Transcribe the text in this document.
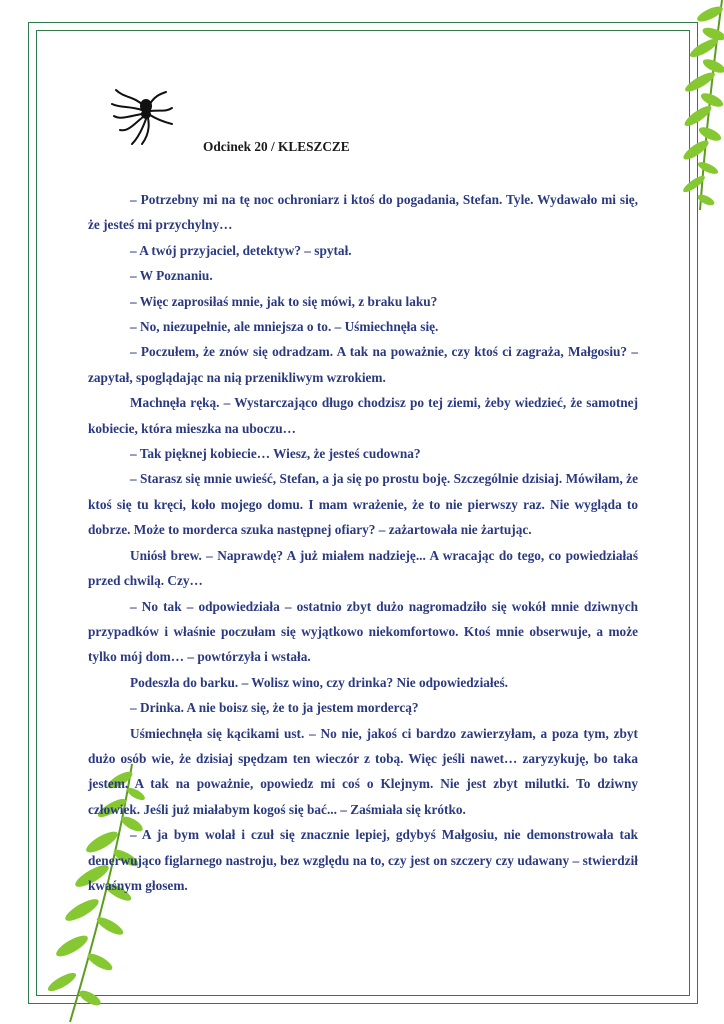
Odcinek 20 / KLESZCZE

– Potrzebny mi na tę noc ochroniarz i ktoś do pogadania, Stefan. Tyle. Wydawało mi się, że jesteś mi przychylny…

– A twój przyjaciel, detektyw? – spytał.

– W Poznaniu.

– Więc zaprosiłaś mnie, jak to się mówi, z braku laku?

– No, niezupełnie, ale mniejsza o to. – Uśmiechnęła się.

– Poczułem, że znów się odradzam. A tak na poważnie, czy ktoś ci zagraża, Małgosiu? – zapytał, spoglądając na nią przenikliwym wzrokiem.

Machnęła ręką. – Wystarczająco długo chodzisz po tej ziemi, żeby wiedzieć, że samotnej kobiecie, która mieszka na uboczu…

– Tak pięknej kobiecie… Wiesz, że jesteś cudowna?

– Starasz się mnie uwieść, Stefan, a ja się po prostu boję. Szczególnie dzisiaj. Mówiłam, że ktoś się tu kręci, koło mojego domu. I mam wrażenie, że to nie pierwszy raz. Nie wygląda to dobrze. Może to morderca szuka następnej ofiary? – zażartowała nie żartując.

Uniósł brew. – Naprawdę? A już miałem nadzieję... A wracając do tego, co powiedziałaś przed chwilą. Czy…

– No tak – odpowiedziała – ostatnio zbyt dużo nagromadziło się wokół mnie dziwnych przypadków i właśnie poczułam się wyjątkowo niekomfortowo. Ktoś mnie obserwuje, a może tylko mój dom… – powtórzyła i wstała.

Podeszła do barku. – Wolisz wino, czy drinka? Nie odpowiedziałeś.

– Drinka. A nie boisz się, że to ja jestem mordercą?

Uśmiechnęła się kącikami ust. – No nie, jakoś ci bardzo zawierzyłam, a poza tym, zbyt dużo osób wie, że dzisiaj spędzam ten wieczór z tobą. Więc jeśli nawet… zaryzykuję, bo taka jestem. A tak na poważnie, opowiedz mi coś o Klejnym. Nie jest zbyt milutki. To dziwny człowiek. Jeśli już miałabym kogoś się bać... – Zaśmiała się krótko.

– A ja bym wolał i czuł się znacznie lepiej, gdybyś Małgosiu, nie demonstrowała tak denerwująco figlarnego nastroju, bez względu na to, czy jest on szczery czy udawany – stwierdził kwaśnym głosem.
